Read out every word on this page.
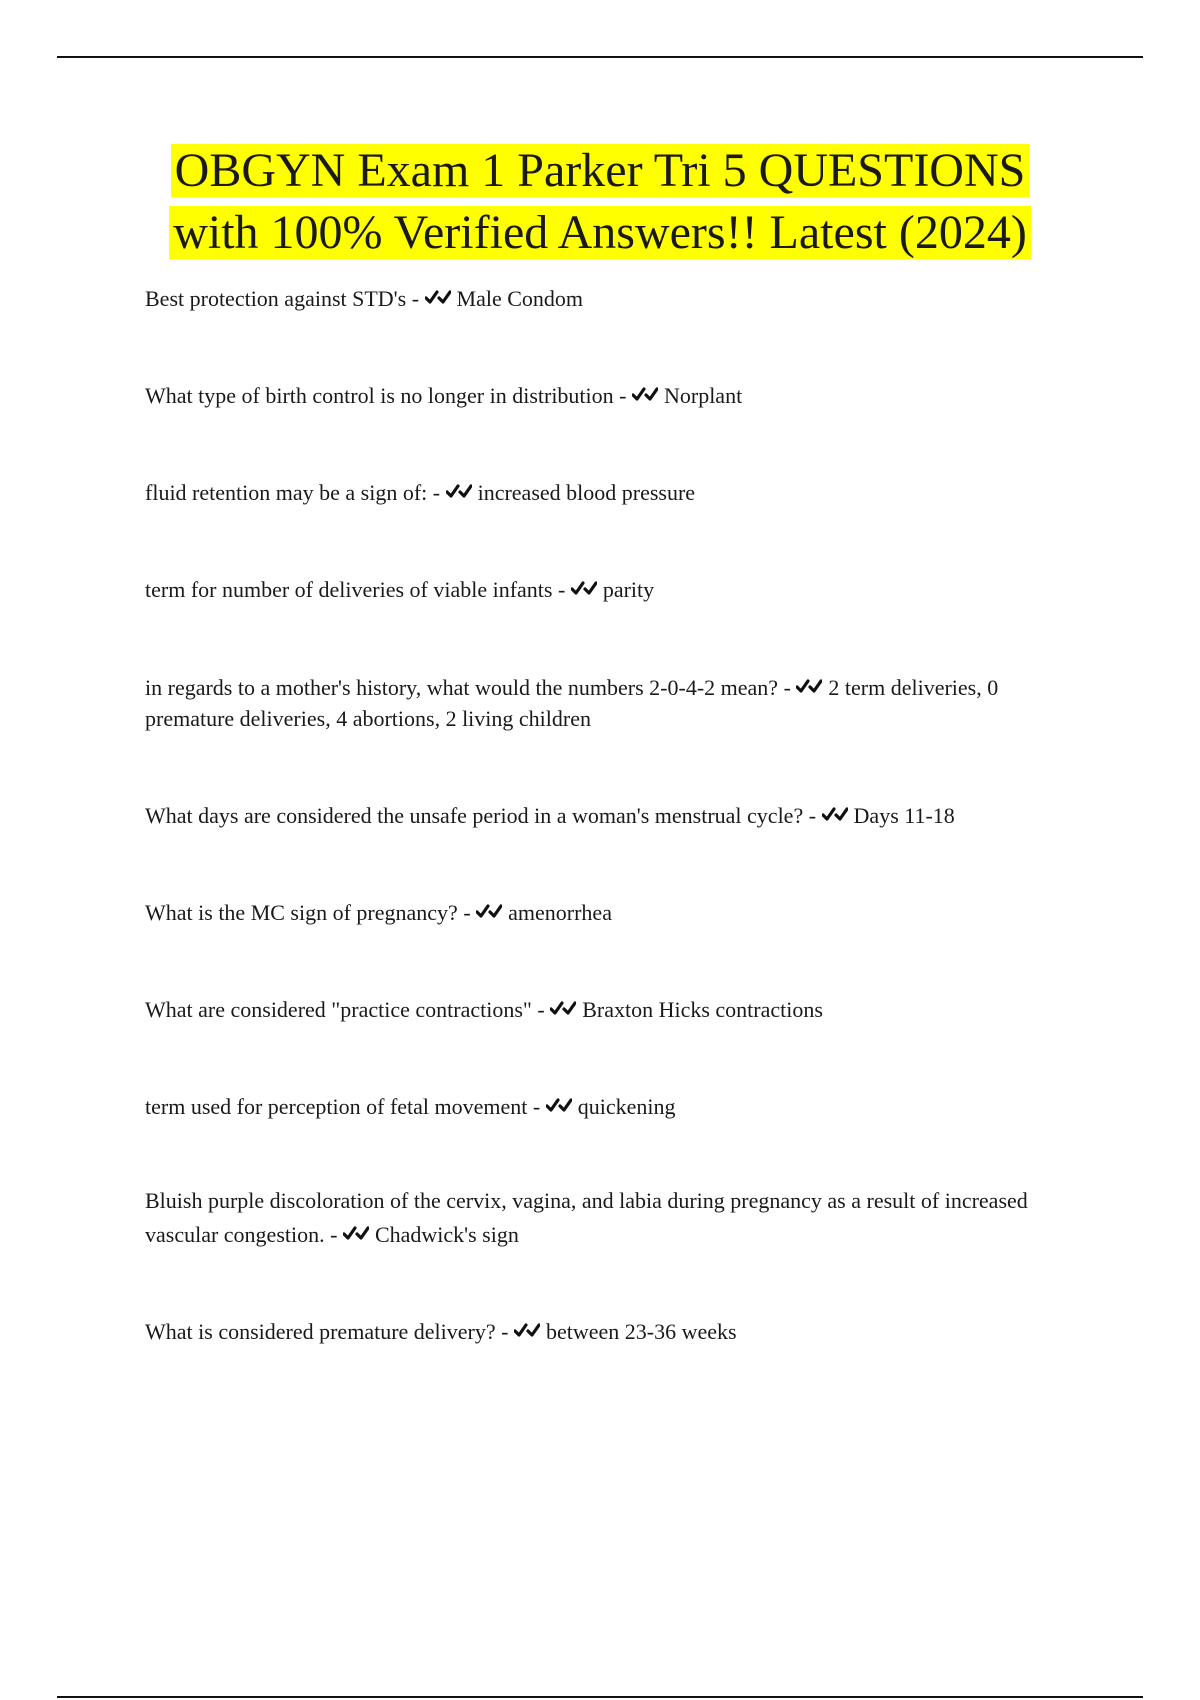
OBGYN Exam 1 Parker Tri 5 QUESTIONS
with 100% Verified Answers!! Latest (2024)
Best protection against STD's -
Male Condom
What type of birth control is no longer in distribution -
Norplant
fluid retention may be a sign of: -
increased blood pressure
term for number of deliveries of viable infants -
parity
in regards to a mother's history, what would the numbers 2-0-4-2 mean? -
2 term deliveries, 0 premature deliveries, 4 abortions, 2 living children
What days are considered the unsafe period in a woman's menstrual cycle? -
Days 11-18
What is the MC sign of pregnancy? -
amenorrhea
What are considered "practice contractions" -
Braxton Hicks contractions
term used for perception of fetal movement -
quickening
Bluish purple discoloration of the cervix, vagina, and labia during pregnancy as a result of increased vascular congestion. -
Chadwick's sign
What is considered premature delivery? -
between 23-36 weeks
